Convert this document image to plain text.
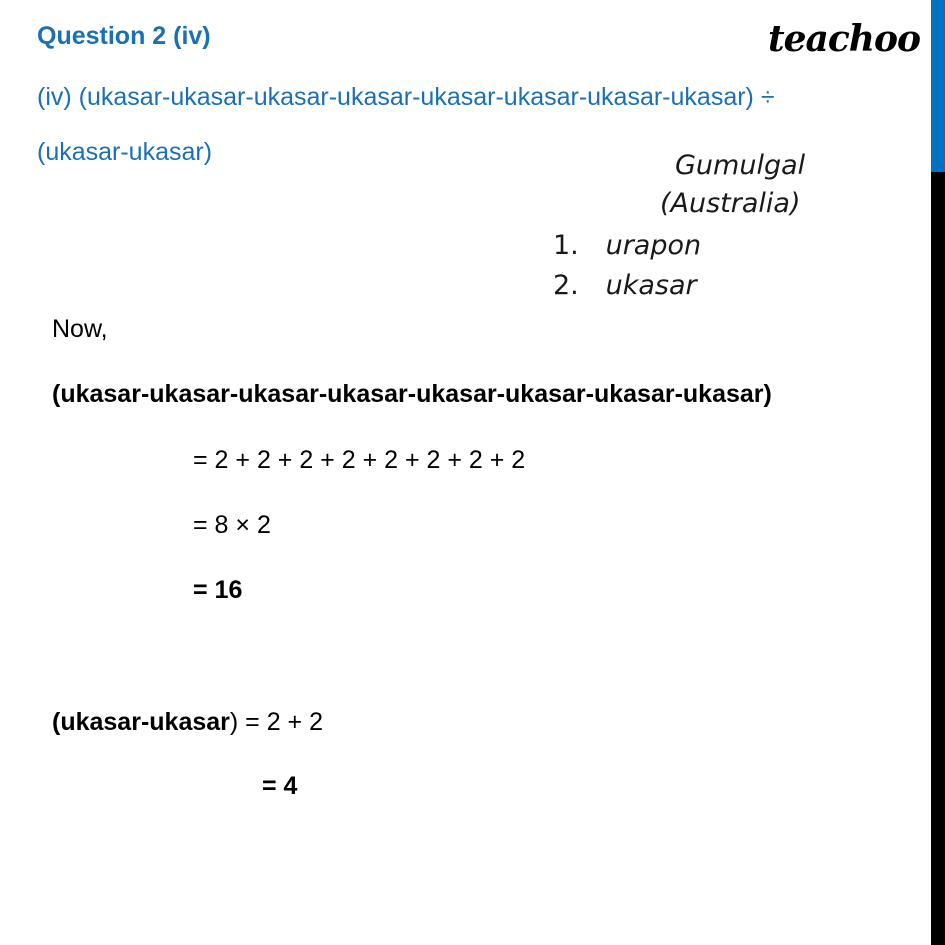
Question 2 (iv)
(iv) (ukasar-ukasar-ukasar-ukasar-ukasar-ukasar-ukasar-ukasar) ÷
(ukasar-ukasar)
teachoo
Gumulgal
(Australia)
1. urapon
2. ukasar
Now,
(ukasar-ukasar-ukasar-ukasar-ukasar-ukasar-ukasar-ukasar)
= 2 + 2 + 2 + 2 + 2 + 2 + 2 + 2
= 8 × 2
= 16
(ukasar-ukasar) = 2 + 2
= 4
